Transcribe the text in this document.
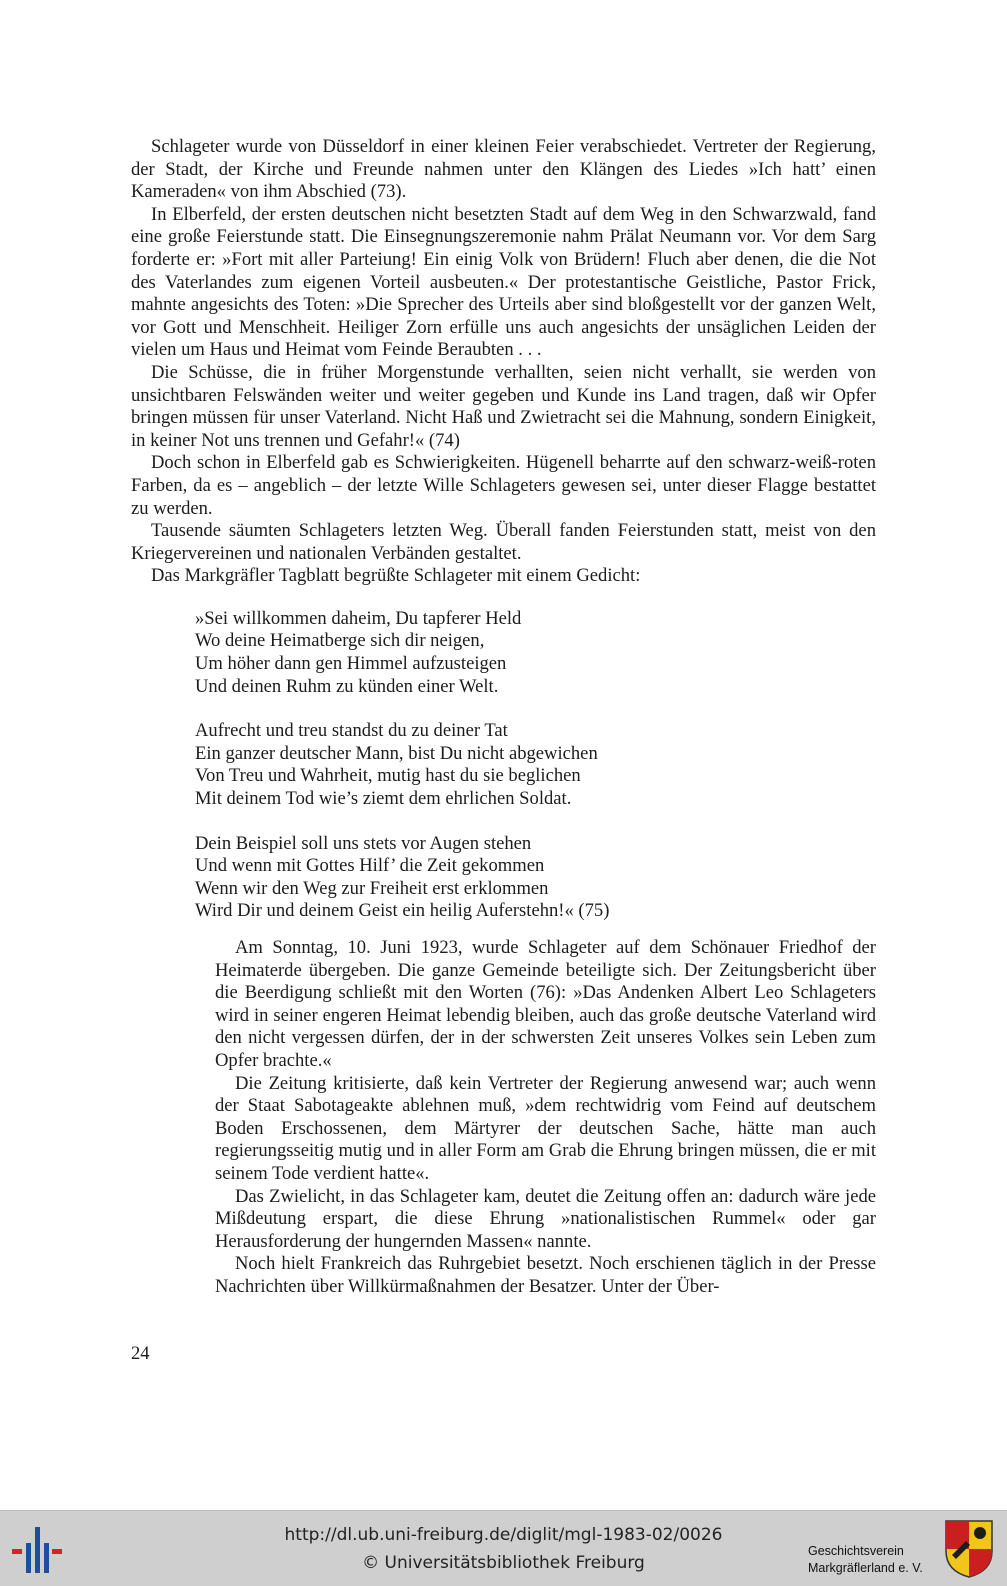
Schlageter wurde von Düsseldorf in einer kleinen Feier verabschiedet. Vertreter der Regierung, der Stadt, der Kirche und Freunde nahmen unter den Klängen des Liedes »Ich hatt’ einen Kameraden« von ihm Abschied (73).

In Elberfeld, der ersten deutschen nicht besetzten Stadt auf dem Weg in den Schwarzwald, fand eine große Feierstunde statt. Die Einsegnungszeremonie nahm Prälat Neumann vor. Vor dem Sarg forderte er: »Fort mit aller Parteiung! Ein einig Volk von Brüdern! Fluch aber denen, die die Not des Vaterlandes zum eigenen Vorteil ausbeuten.« Der protestantische Geistliche, Pastor Frick, mahnte angesichts des Toten: »Die Sprecher des Urteils aber sind bloßgestellt vor der ganzen Welt, vor Gott und Menschheit. Heiliger Zorn erfülle uns auch angesichts der unsäglichen Leiden der vielen um Haus und Heimat vom Feinde Beraubten . . .

Die Schüsse, die in früher Morgenstunde verhallten, seien nicht verhallt, sie werden von unsichtbaren Felswänden weiter und weiter gegeben und Kunde ins Land tragen, daß wir Opfer bringen müssen für unser Vaterland. Nicht Haß und Zwietracht sei die Mahnung, sondern Einigkeit, in keiner Not uns trennen und Gefahr!« (74)

Doch schon in Elberfeld gab es Schwierigkeiten. Hügenell beharrte auf den schwarz-weiß-roten Farben, da es – angeblich – der letzte Wille Schlageters gewesen sei, unter dieser Flagge bestattet zu werden.

Tausende säumten Schlageters letzten Weg. Überall fanden Feierstunden statt, meist von den Kriegervereinen und nationalen Verbänden gestaltet.

Das Markgräfler Tagblatt begrüßte Schlageter mit einem Gedicht:

»Sei willkommen daheim, Du tapferer Held
Wo deine Heimatberge sich dir neigen,
Um höher dann gen Himmel aufzusteigen
Und deinen Ruhm zu künden einer Welt.
Aufrecht und treu standst du zu deiner Tat
Ein ganzer deutscher Mann, bist Du nicht abgewichen
Von Treu und Wahrheit, mutig hast du sie beglichen
Mit deinem Tod wie’s ziemt dem ehrlichen Soldat.
Dein Beispiel soll uns stets vor Augen stehen
Und wenn mit Gottes Hilf’ die Zeit gekommen
Wenn wir den Weg zur Freiheit erst erklommen
Wird Dir und deinem Geist ein heilig Auferstehn!« (75)

Am Sonntag, 10. Juni 1923, wurde Schlageter auf dem Schönauer Friedhof der Heimaterde übergeben. Die ganze Gemeinde beteiligte sich. Der Zeitungsbericht über die Beerdigung schließt mit den Worten (76): »Das Andenken Albert Leo Schlageters wird in seiner engeren Heimat lebendig bleiben, auch das große deutsche Vaterland wird den nicht vergessen dürfen, der in der schwersten Zeit unseres Volkes sein Leben zum Opfer brachte.«

Die Zeitung kritisierte, daß kein Vertreter der Regierung anwesend war; auch wenn der Staat Sabotageakte ablehnen muß, »dem rechtwidrig vom Feind auf deutschem Boden Erschossenen, dem Märtyrer der deutschen Sache, hätte man auch regierungsseitig mutig und in aller Form am Grab die Ehrung bringen müssen, die er mit seinem Tode verdient hatte«.

Das Zwielicht, in das Schlageter kam, deutet die Zeitung offen an: dadurch wäre jede Mißdeutung erspart, die diese Ehrung »nationalistischen Rummel« oder gar Herausforderung der hungernden Massen« nannte.

Noch hielt Frankreich das Ruhrgebiet besetzt. Noch erschienen täglich in der Presse Nachrichten über Willkürmaßnahmen der Besatzer. Unter der Über-

24
http://dl.ub.uni-freiburg.de/diglit/mgl-1983-02/0026
© Universitätsbibliothek Freiburg
Geschichtsverein
Markgräflerland e. V.
